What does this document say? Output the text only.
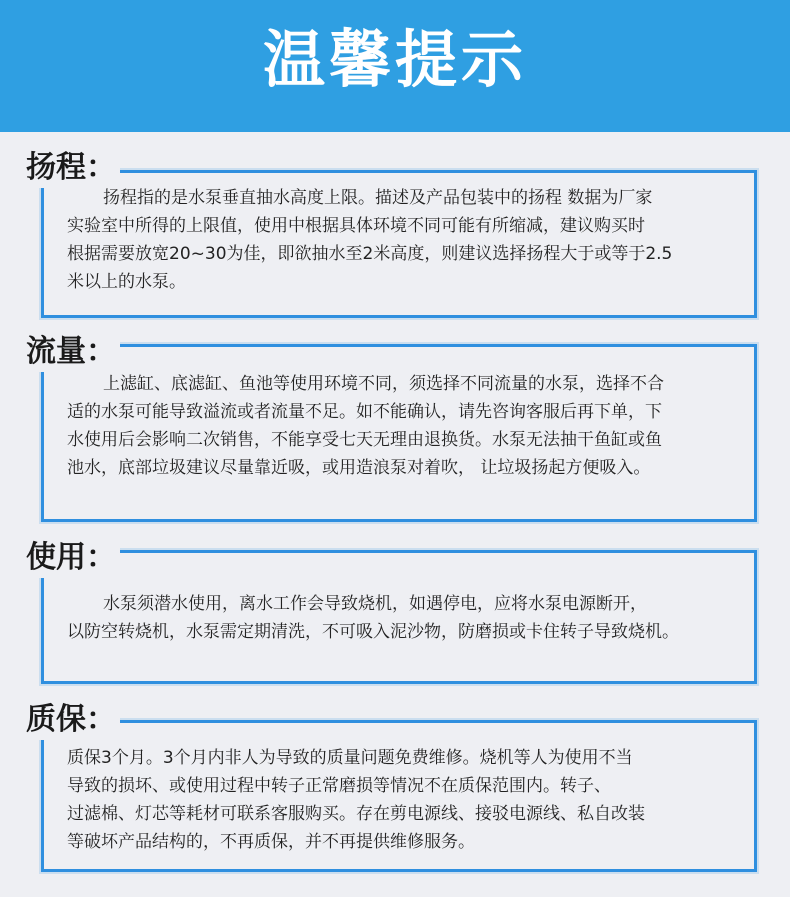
温馨提示
扬程：
扬程指的是水泵垂直抽水高度上限。描述及产品包装中的扬程 数据为厂家
实验室中所得的上限值，使用中根据具体环境不同可能有所缩减，建议购买时
根据需要放宽20~30为佳，即欲抽水至2米高度，则建议选择扬程大于或等于2.5
米以上的水泵。
流量：
上滤缸、底滤缸、鱼池等使用环境不同，须选择不同流量的水泵，选择不合
适的水泵可能导致溢流或者流量不足。如不能确认，请先咨询客服后再下单，下
水使用后会影响二次销售，不能享受七天无理由退换货。水泵无法抽干鱼缸或鱼
池水，底部垃圾建议尽量靠近吸，或用造浪泵对着吹， 让垃圾扬起方便吸入。
使用：
水泵须潜水使用，离水工作会导致烧机，如遇停电，应将水泵电源断开，
以防空转烧机，水泵需定期清洗，不可吸入泥沙物，防磨损或卡住转子导致烧机。
质保：
质保3个月。3个月内非人为导致的质量问题免费维修。烧机等人为使用不当
导致的损坏、或使用过程中转子正常磨损等情况不在质保范围内。转子、
过滤棉、灯芯等耗材可联系客服购买。存在剪电源线、接驳电源线、私自改装
等破坏产品结构的，不再质保，并不再提供维修服务。
